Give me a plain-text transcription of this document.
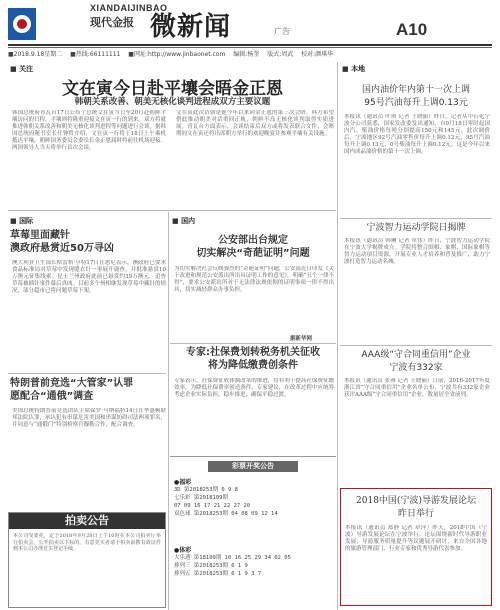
XIANDAIJINBAO
现代金报 微新闻	广告	A10
■2018.9.18星期二 ■热线:66111111 ■网址:http://www.jinbaonet.com 编辑:杨奎 版式:周武 校对:颜琪华
■ 关注
文在寅今日赴平壤会晤金正恩
韩朝关系改善、朝美无核化谈判进程成双方主要议题
韩国总统府青瓦台17日公布了总统文在寅当日至20日赴朝鲜平壤访问的日程，平壤则将隆重迎接文在寅一行的到来。双方将就推进韩朝关系改善和朝美无核化谈判进程等问题进行会谈。据韩国总统府秘书室长任钟哲介绍，文在寅一行将于18日上午乘机抵达平壤，朝鲜国务委员会委员长金正恩届时将前往机场迎接。两国领导人当天将举行首次会谈。
文在寅此次访朝是他今年以来同金正恩的第三次会晤。韩方希望借此推动朝美对话重回正轨，朝鲜半岛无核化谈判取得实质进展。青瓦台方面表示，会谈结束后双方或将发表联合文件，会晤期间文在寅还将出席朝方举行的欢迎晚宴并参观平壤有关设施。
■ 国际
草莓里面藏针
澳政府悬赏近50万寻凶
澳大利亚卫生部长格雷格·亨特17日在悉尼表示，澳政府已要求食品标准局对草莓中发现缝衣针一事展开调查，并批准悬赏10万澳元征集线索。昆士兰州政府此前已悬赏约39万澳元，追查草莓被插针事件幕后真凶。目前多个州相继发现草莓中藏针的情况，部分超市已将问题草莓下架。
特朗普前竞选“大管家”认罪
愿配合“通俄”调查
美国总统特朗普前竞选团队主席保罗·马纳福特14日在华盛顿联邦法院认罪，承认犯有串谋危害美国和串谋妨碍司法两项罪名，并同意与“通俄门”特别检察官穆勒合作，配合调查。
拍卖公告
本公司受委托，定于2018年9月28日上午10时在本公司拍卖厅举行拍卖会，公开拍卖以下标的。有意竞买者请于拍卖前携有效证件到本公司办理竞买登记手续。
■ 国内
公安部出台规定
切实解决“奇葩证明”问题
为切实解决社会反映强烈的“奇葩证明”问题，公安部近日印发《关于改进和规范公安派出所出具证明工作的意见》，明确“五个一律不得”，要求公安派出所对于无法律法规依据的证明事项一律不得出具，切实减轻群众办事负担。
据新华网
专家:社保费划转税务机关征收
将为降低缴费创条件
专家表示，社保费征收体制改革的推进，将有利于提高社保费征缴效率，为降低社保费率创造条件。专家建议，在改革过程中应统筹考虑企业实际负担，稳步推进，确保平稳过渡。
彩票开奖公告
●福彩
3D 第2018253期 0 9 8
七乐彩 第2018109期
07 09 16 17 21 22 27 20
双色球 第2018253期 04 08 09 12 14
●体彩
大乐透 第18109期 10 16 25 29 34 02 05
排列三 第2018253期 6 1 9
排列五 第2018253期 6 1 9 3 7
■ 本地
国内油价年内第十一次上调
95号汽油每升上调0.13元
本报讯（通讯员 叶琪 记者 王晓丽）昨日，记者从中石化宁波分公司获悉，国家发改委发出通知，自9月18日零时起国内汽、柴油价格每吨分别提高150元和145元。此次调价后，宁波地区92号汽油零售价每升上调0.12元，95号汽油每升上调0.13元，0号柴油每升上调0.12元。这是今年以来国内成品油价格的第十一次上调。
宁波智力运动学院日揭牌
本报讯（通讯员 韩琳 记者 章伟）昨日，宁波智力运动学院在宁波大学揭牌成立。学院将整合围棋、象棋、国际象棋等智力运动项目资源，开展专业人才培养和普及推广，助力宁波打造智力运动名城。
AAA级“守合同重信用”企业
宁波有332家
本报讯（通讯员 张燕 记者 王晓丽）日前，2016-2017年度浙江省“守合同重信用”企业名单公布，宁波共有332家企业获评AAA级“守合同重信用”企业，数量居全省前列。
2018中国(宁波)导游发展论坛
昨日举行
本报讯（通讯员 郑静 记者 章萍）昨天，2018中国（宁波）导游发展论坛在宁波举行。论坛围绕新时代导游职业发展、导游服务质量提升等议题展开研讨，来自全国各地的旅游管理部门、行业专家和优秀导游代表参加。
